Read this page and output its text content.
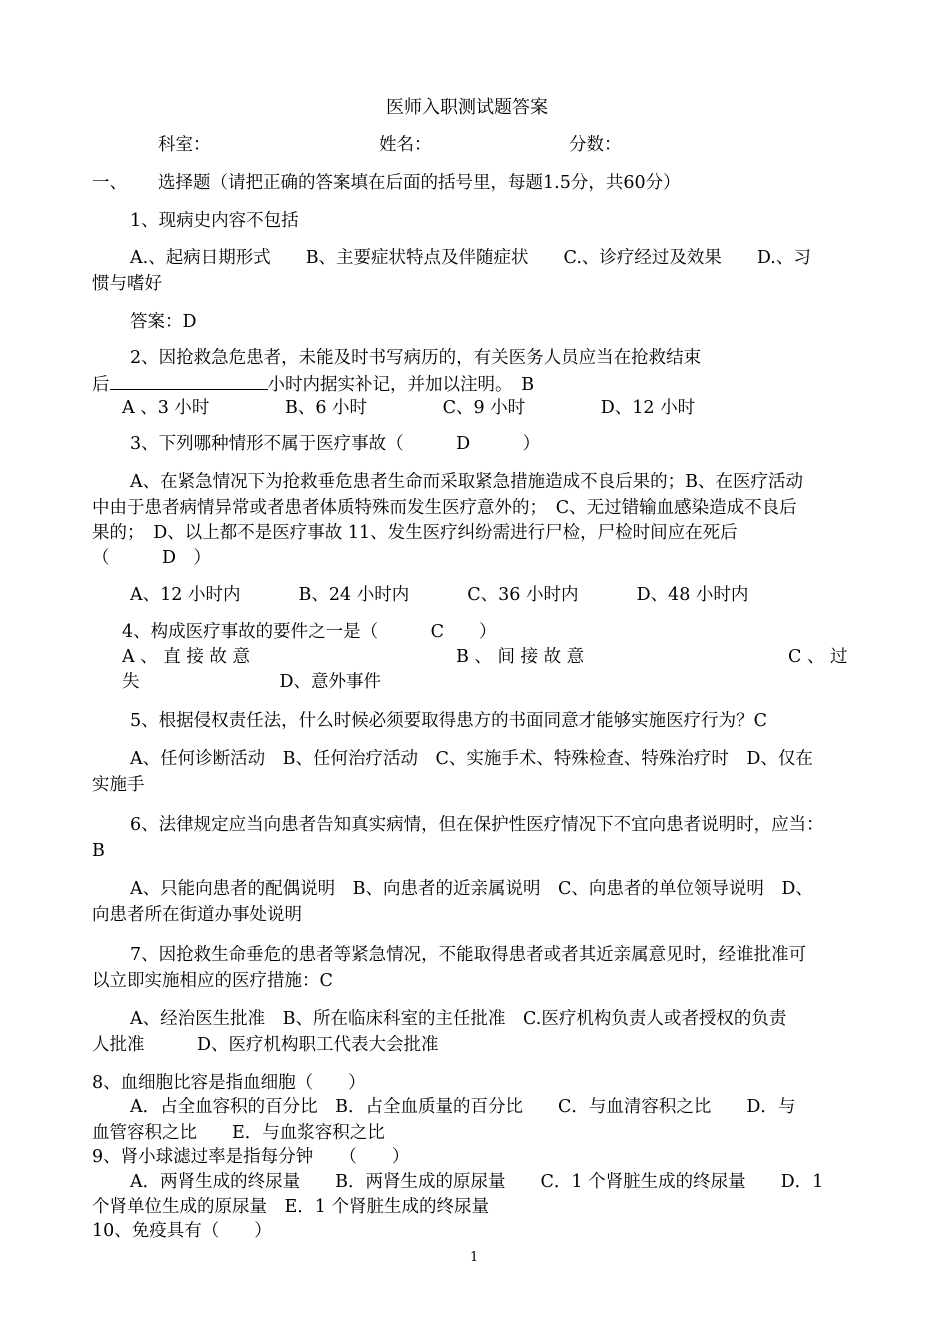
医师入职测试题答案
科室：	姓名：	分数：
一、 选择题（请把正确的答案填在后面的括号里，每题1.5分，共60分）
1、现病史内容不包括
A.、起病日期形式　　B、主要症状特点及伴随症状　　C.、诊疗经过及效果　　D.、习
惯与嗜好
答案：D
2、因抢救急危患者，未能及时书写病历的，有关医务人员应当在抢救结束
后	小时内据实补记，并加以注明。　B
A 、3 小时　　　　 B、6 小时　　　　 C、9 小时　　　　 D、12 小时
3、下列哪种情形不属于医疗事故（　　　D　　　）
A、在紧急情况下为抢救垂危患者生命而采取紧急措施造成不良后果的；B、在医疗活动
中由于患者病情异常或者患者体质特殊而发生医疗意外的；　C、无过错输血感染造成不良后
果的；　D、以上都不是医疗事故 11、发生医疗纠纷需进行尸检，尸检时间应在死后
（　　　D　）
A、12 小时内　　　 B、24 小时内　　　 C、36 小时内　　　 D、48 小时内
4、构成医疗事故的要件之一是（　　　C　　）
A 、 直 接 故 意	B 、 间 接 故 意	C 、 过
失　　　　　　　　D、意外事件
5、根据侵权责任法，什么时候必须要取得患方的书面同意才能够实施医疗行为？C
A、任何诊断活动　B、任何治疗活动　C、实施手术、特殊检查、特殊治疗时　D、仅在
实施手
6、法律规定应当向患者告知真实病情，但在保护性医疗情况下不宜向患者说明时，应当：
B
A、只能向患者的配偶说明　B、向患者的近亲属说明　C、向患者的单位领导说明　D、
向患者所在街道办事处说明
7、因抢救生命垂危的患者等紧急情况，不能取得患者或者其近亲属意见时，经谁批准可
以立即实施相应的医疗措施：C
A、经治医生批准　B、所在临床科室的主任批准　C.医疗机构负责人或者授权的负责
人批准　　　D、医疗机构职工代表大会批准
8、血细胞比容是指血细胞（　　）
A．占全血容积的百分比　B．占全血质量的百分比　　C．与血清容积之比　　D．与
血管容积之比　　E．与血浆容积之比
9、肾小球滤过率是指每分钟　　（　　）
A．两肾生成的终尿量　　B．两肾生成的原尿量　　C．1 个肾脏生成的终尿量　　D．1
个肾单位生成的原尿量　E．1 个肾脏生成的终尿量
10、免疫具有（　　）
1
